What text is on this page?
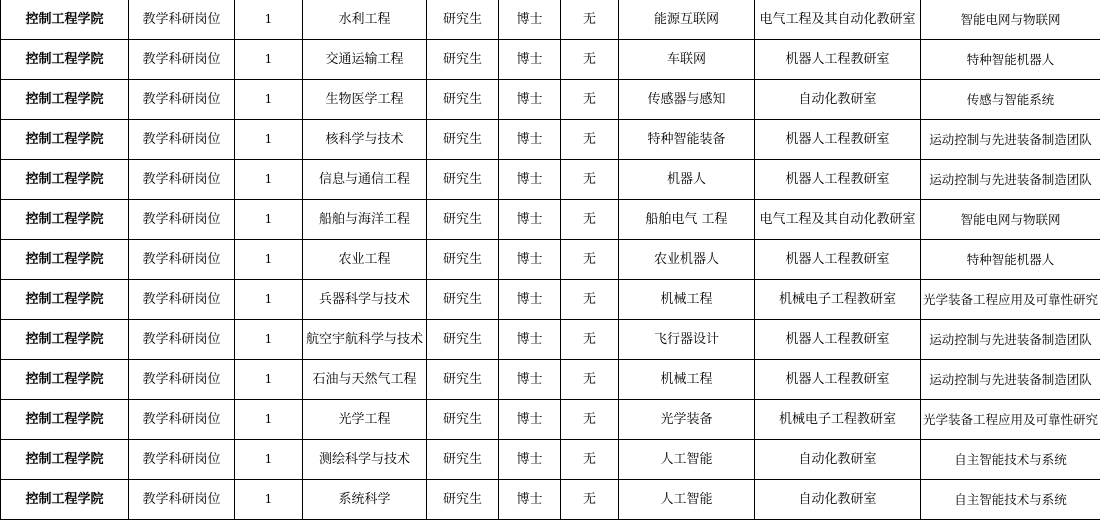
控制工程学院	教学科研岗位	1	水利工程	研究生	博士	无	能源互联网	电气工程及其自动化教研室	智能电网与物联网
控制工程学院	教学科研岗位	1	交通运输工程	研究生	博士	无	车联网	机器人工程教研室	特种智能机器人
控制工程学院	教学科研岗位	1	生物医学工程	研究生	博士	无	传感器与感知	自动化教研室	传感与智能系统
控制工程学院	教学科研岗位	1	核科学与技术	研究生	博士	无	特种智能装备	机器人工程教研室	运动控制与先进装备制造团队
控制工程学院	教学科研岗位	1	信息与通信工程	研究生	博士	无	机器人	机器人工程教研室	运动控制与先进装备制造团队
控制工程学院	教学科研岗位	1	船舶与海洋工程	研究生	博士	无	船舶电气 工程	电气工程及其自动化教研室	智能电网与物联网
控制工程学院	教学科研岗位	1	农业工程	研究生	博士	无	农业机器人	机器人工程教研室	特种智能机器人
控制工程学院	教学科研岗位	1	兵器科学与技术	研究生	博士	无	机械工程	机械电子工程教研室	光学装备工程应用及可靠性研究
控制工程学院	教学科研岗位	1	航空宇航科学与技术	研究生	博士	无	飞行器设计	机器人工程教研室	运动控制与先进装备制造团队
控制工程学院	教学科研岗位	1	石油与天然气工程	研究生	博士	无	机械工程	机器人工程教研室	运动控制与先进装备制造团队
控制工程学院	教学科研岗位	1	光学工程	研究生	博士	无	光学装备	机械电子工程教研室	光学装备工程应用及可靠性研究
控制工程学院	教学科研岗位	1	测绘科学与技术	研究生	博士	无	人工智能	自动化教研室	自主智能技术与系统
控制工程学院	教学科研岗位	1	系统科学	研究生	博士	无	人工智能	自动化教研室	自主智能技术与系统
